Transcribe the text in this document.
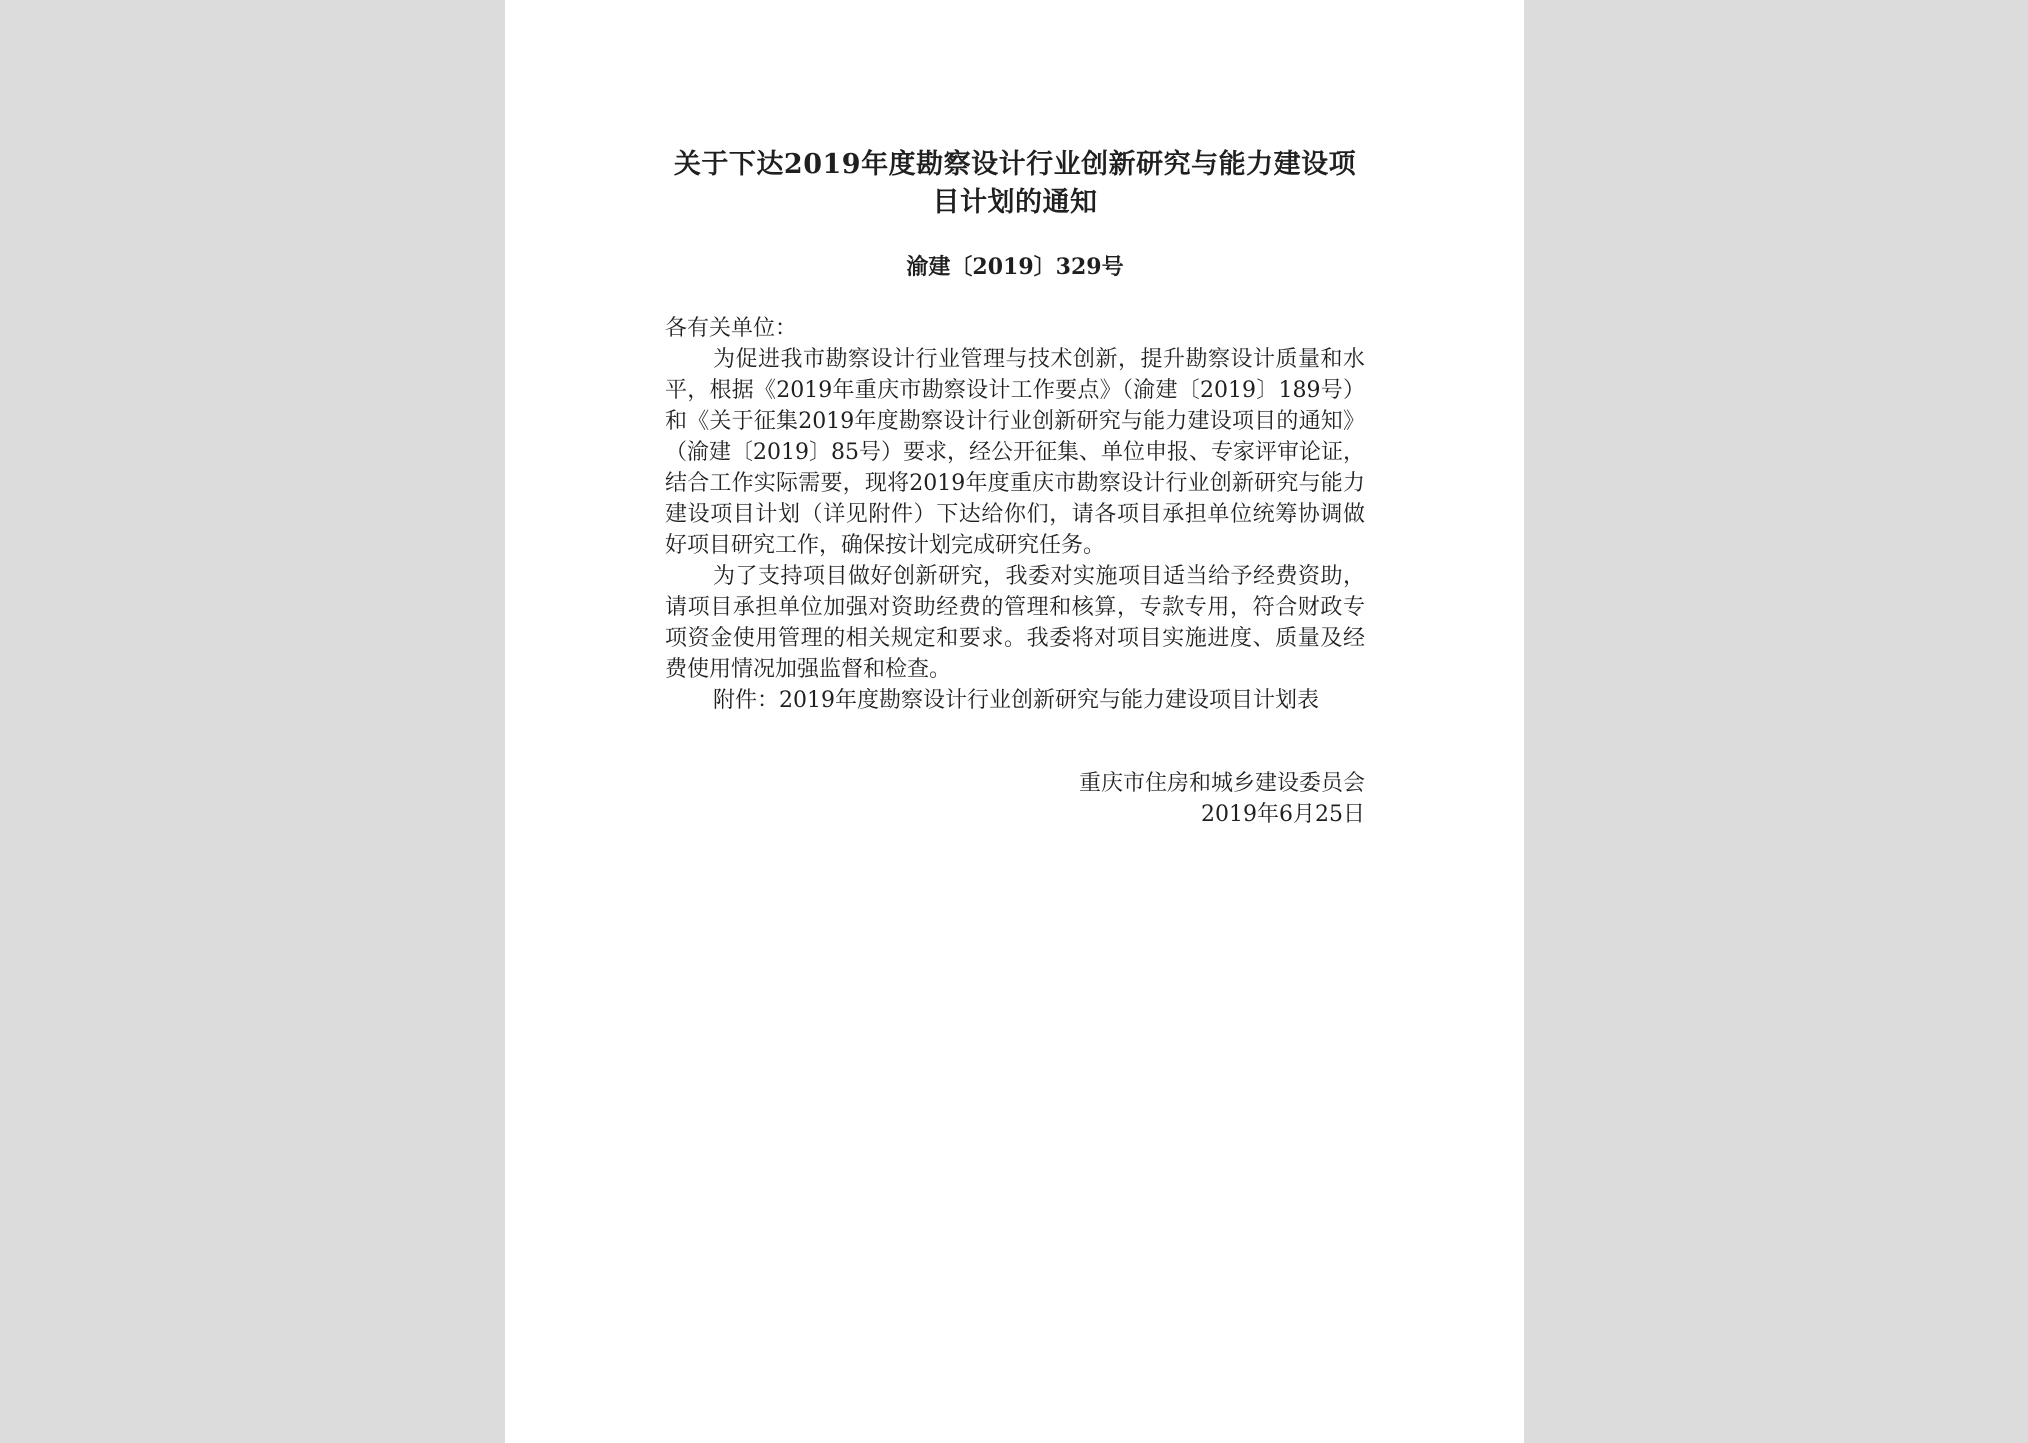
关于下达2019年度勘察设计行业创新研究与能力建设项目计划的通知
渝建〔2019〕329号

各有关单位：

为促进我市勘察设计行业管理与技术创新，提升勘察设计质量和水平，根据《2019年重庆市勘察设计工作要点》（渝建〔2019〕189号）和《关于征集2019年度勘察设计行业创新研究与能力建设项目的通知》（渝建〔2019〕85号）要求，经公开征集、单位申报、专家评审论证，结合工作实际需要，现将2019年度重庆市勘察设计行业创新研究与能力建设项目计划（详见附件）下达给你们，请各项目承担单位统筹协调做好项目研究工作，确保按计划完成研究任务。

为了支持项目做好创新研究，我委对实施项目适当给予经费资助，请项目承担单位加强对资助经费的管理和核算，专款专用，符合财政专项资金使用管理的相关规定和要求。我委将对项目实施进度、质量及经费使用情况加强监督和检查。

附件：2019年度勘察设计行业创新研究与能力建设项目计划表

重庆市住房和城乡建设委员会
2019年6月25日
